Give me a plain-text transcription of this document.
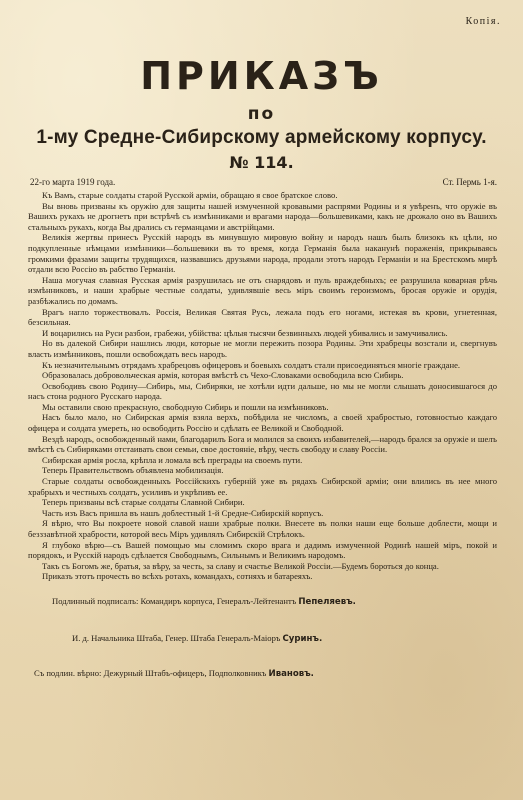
Копiя.
ПРИКАЗЪ
по
1-му Средне-Сибирскому армейскому корпусу.
№ 114.
22-го марта 1919 года.	Ст. Пермь 1-я.

Къ Вамъ, старые солдаты старой Русской армiи, обращаю я свое братское слово.

Вы вновь призваны къ оружiю для защиты нашей измученной кровавыми распрями Родины и я увѣренъ, что оружiе въ Вашихъ рукахъ не дрогнетъ при встрѣчѣ съ измѣнниками и врагами народа—большевиками, какъ не дрожало оно въ Вашихъ стальныхъ рукахъ, когда Вы дрались съ германцами и австрiйцами.

Великiя жертвы принесъ Русскiй народъ въ минувшую мировую войну и народъ нашъ былъ близокъ къ цѣли, но подкупленные нѣмцами измѣнники—большевики въ то время, когда Германiя была наканунѣ пораженiя, прикрываясь громкими фразами защиты трудящихся, назвавшись друзьями народа, продали этотъ народъ Германiи и на Брестскомъ мирѣ отдали всю Россiю въ рабство Германiи.

Наша могучая славная Русская армiя разрушилась не отъ снарядовъ и пуль враждебныхъ; ее разрушила коварная рѣчь измѣнниковъ, и наши храбрые честные солдаты, удивлявшiе весь мiръ своимъ героизмомъ, бросая оружiе и орудiя, разбѣжались по домамъ.

Врагъ нагло торжествовалъ. Россiя, Великая Святая Русь, лежала подъ его ногами, истекая въ крови, угнетенная, безсильная.

И воцарились на Руси разбои, грабежи, убiйства: цѣлыя тысячи безвинныхъ людей убивались и замучивались.

Но въ далекой Сибири нашлись люди, которые не могли пережить позора Родины. Эти храбрецы возстали и, свергнувъ власть измѣнниковъ, пошли освобождать весь народъ.

Къ незначительнымъ отрядамъ храбрецовъ офицеровъ и боевыхъ солдатъ стали присоединяться многiе граждане.

Образовалась добровольческая армiя, которая вмѣстѣ съ Чехо-Словаками освободила всю Сибирь.

Освободивъ свою Родину—Сибирь, мы, Сибиряки, не хотѣли идти дальше, но мы не могли слышать доносившагося до насъ стона родного Русскаго народа.

Мы оставили свою прекрасную, свободную Сибирь и пошли на измѣнниковъ.

Насъ было мало, но Сибирская армiя взяла верхъ, побѣдила не числомъ, а своей храбростью, готовностью каждаго офицера и солдата умереть, но освободить Россiю и сдѣлать ее Великой и Свободной.

Вездѣ народъ, освобожденный нами, благодарилъ Бога и молился за своихъ избавителей,—народъ брался за оружiе и шелъ вмѣстѣ съ Сибиряками отстаивать свои семьи, свое достоянiе, вѣру, честь свободу и славу Россiи.

Сибирская армiя росла, крѣпла и ломала всѣ преграды на своемъ пути.

Теперь Правительствомъ объявлена мобилизацiя.

Старые солдаты освобожденныхъ Россiйскихъ губернiй уже въ рядахъ Сибирской армiи; они влились въ нее много храбрыхъ и честныхъ солдатъ, усиливъ и укрѣпивъ ее.

Теперь призваны всѣ старые солдаты Славной Сибири.

Часть изъ Васъ пришла въ нашъ доблестный 1-й Средне-Сибирскiй корпусъ.

Я вѣрю, что Вы покроете новой славой наши храбрые полки. Внесете въ полки наши еще больше доблести, мощи и безззавѣтной храбрости, которой весь Мiръ удивлялъ Сибирскiй Стрѣлокъ.

Я глубоко вѣрю—съ Вашей помощью мы сломимъ скоро врага и дадимъ измученной Родинѣ нашей мiръ, покой и порядокъ, и Русскiй народъ сдѣлается Свободнымъ, Сильнымъ и Великимъ народомъ.

Такъ съ Богомъ же, братья, за вѣру, за честь, за славу и счастье Великой Россiи.—Будемъ бороться до конца.

Приказъ этотъ прочесть во всѣхъ ротахъ, командахъ, сотняхъ и батареяхъ.

Подлинный подписалъ: Командиръ корпуса, Генералъ-Лейтенантъ Пепеляевъ.
И. д. Начальника Штаба, Генер. Штаба Генералъ-Маiоръ Суринъ.
Съ подлин. вѣрно: Дежурный Штабъ-офицеръ, Подполковникъ Ивановъ.
